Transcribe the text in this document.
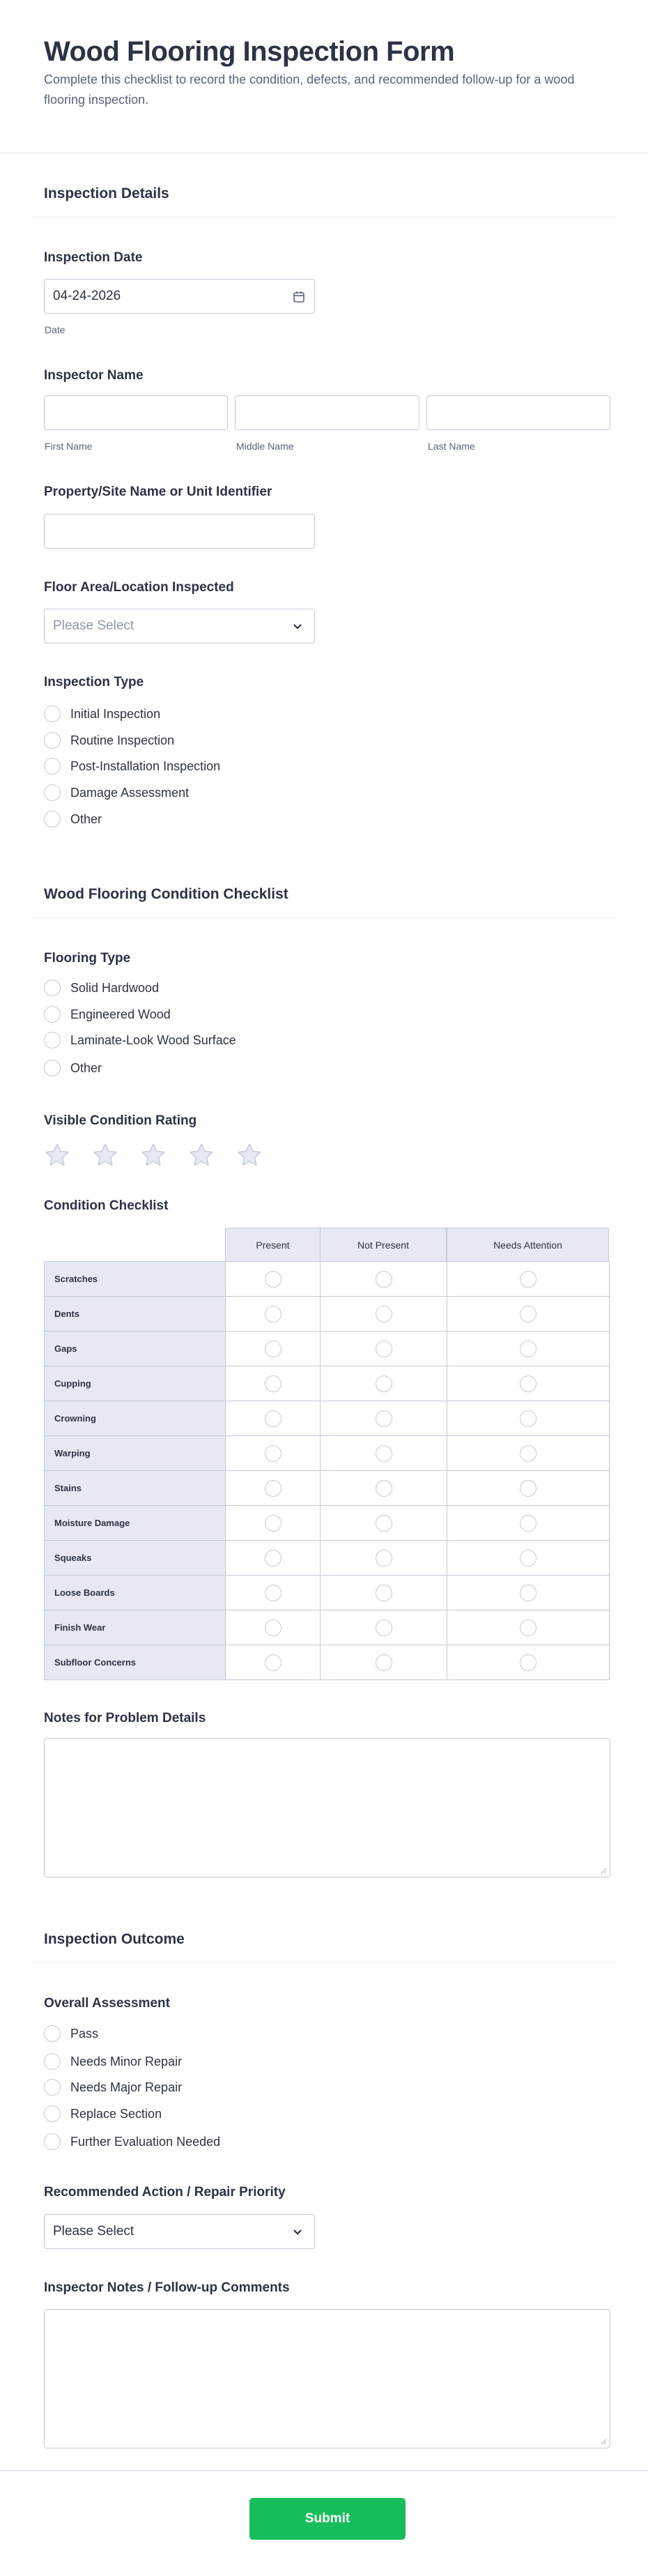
Wood Flooring Inspection Form
Complete this checklist to record the condition, defects, and recommended follow-up for a wood flooring inspection.
Inspection Details
Inspection Date
04-24-2026
Date
Inspector Name
First Name	Middle Name	Last Name
Property/Site Name or Unit Identifier
Floor Area/Location Inspected
Please Select
Inspection Type
Initial Inspection
Routine Inspection
Post-Installation Inspection
Damage Assessment
Other
Wood Flooring Condition Checklist
Flooring Type
Solid Hardwood
Engineered Wood
Laminate-Look Wood Surface
Other
Visible Condition Rating
Condition Checklist
Present	Not Present	Needs Attention
Scratches
Dents
Gaps
Cupping
Crowning
Warping
Stains
Moisture Damage
Squeaks
Loose Boards
Finish Wear
Subfloor Concerns
Notes for Problem Details
Inspection Outcome
Overall Assessment
Pass
Needs Minor Repair
Needs Major Repair
Replace Section
Further Evaluation Needed
Recommended Action / Repair Priority
Please Select
Inspector Notes / Follow-up Comments
Submit
